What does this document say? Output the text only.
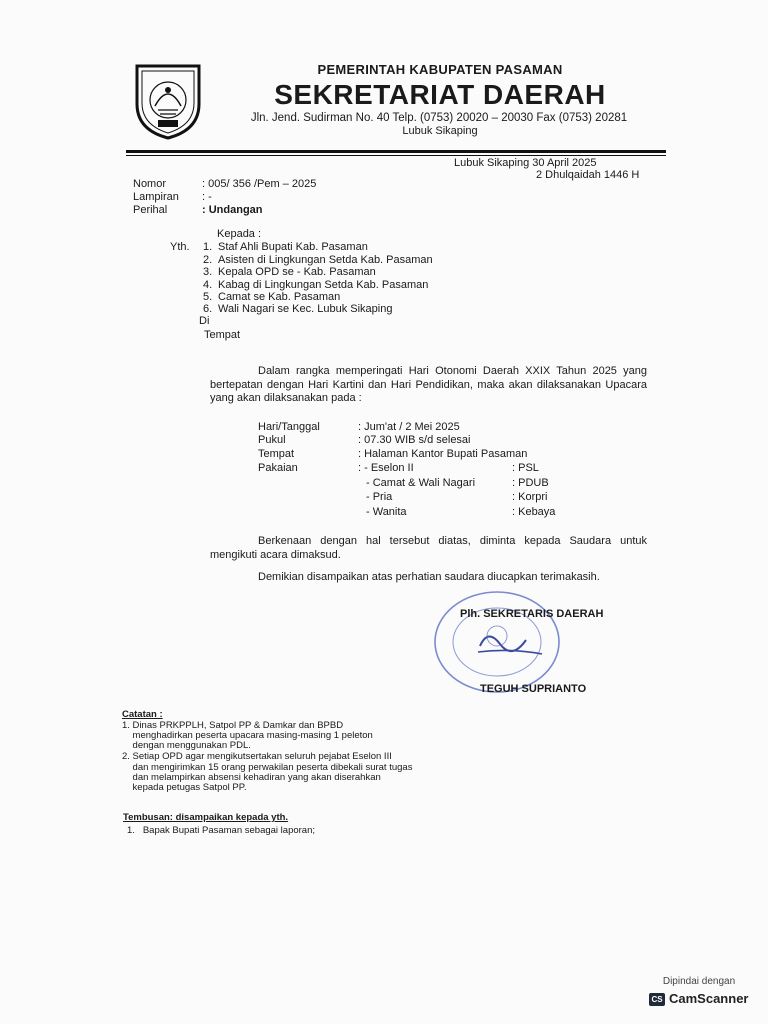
PEMERINTAH KABUPATEN PASAMAN
SEKRETARIAT DAERAH
Jln. Jend. Sudirman No. 40 Telp. (0753) 20020 – 20030 Fax (0753) 20281
Lubuk Sikaping
Lubuk Sikaping 30 April 2025
2 Dhulqaidah 1446 H
Nomor	: 005/ 356 /Pem – 2025
Lampiran : -
Perihal	: Undangan
Kepada :
Yth. 1. Staf Ahli Bupati Kab. Pasaman
2. Asisten di Lingkungan Setda Kab. Pasaman
3. Kepala OPD se - Kab. Pasaman
4. Kabag di Lingkungan Setda Kab. Pasaman
5. Camat se Kab. Pasaman
6. Wali Nagari se Kec. Lubuk Sikaping
Di
Tempat
Dalam rangka memperingati Hari Otonomi Daerah XXIX Tahun 2025 yang bertepatan dengan Hari Kartini dan Hari Pendidikan, maka akan dilaksanakan Upacara yang akan dilaksanakan pada :
Hari/Tanggal	: Jum'at / 2 Mei 2025
Pukul	: 07.30 WIB s/d selesai
Tempat	: Halaman Kantor Bupati Pasaman
Pakaian	: - Eselon II	: PSL
- Camat & Wali Nagari	: PDUB
- Pria	: Korpri
- Wanita	: Kebaya
Berkenaan dengan hal tersebut diatas, diminta kepada Saudara untuk mengikuti acara dimaksud.
Demikian disampaikan atas perhatian saudara diucapkan terimakasih.
Plh. SEKRETARIS DAERAH
TEGUH SUPRIANTO
Catatan :
1. Dinas PRKPPLH, Satpol PP & Damkar dan BPBD
menghadirkan peserta upacara masing-masing 1 peleton
dengan menggunakan PDL.
2. Setiap OPD agar mengikutsertakan seluruh pejabat Eselon III
dan mengirimkan 15 orang perwakilan peserta dibekali surat tugas
dan melampirkan absensi kehadiran yang akan diserahkan
kepada petugas Satpol PP.
Tembusan: disampaikan kepada yth.
1.   Bapak Bupati Pasaman sebagai laporan;
Dipindai dengan
CS CamScanner
